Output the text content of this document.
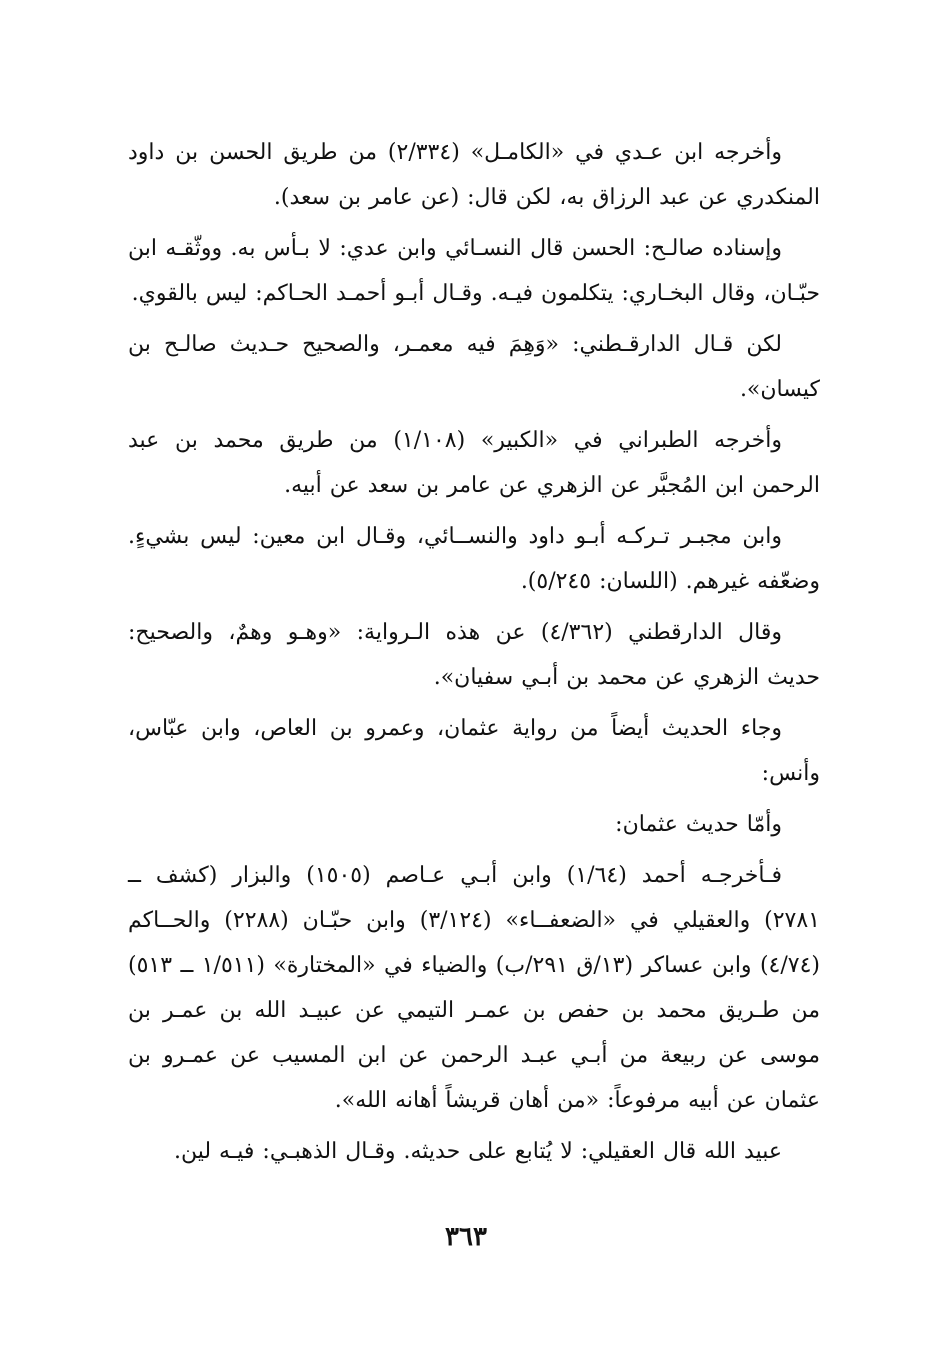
وأخرجه ابن عـدي في «الكامـل» (٢/٣٣٤) من طريق الحسن بن داود المنكدري عن عبد الرزاق به، لكن قال: (عن عامر بن سعد).

وإسناده صالـح: الحسن قال النسـائي وابن عدي: لا بـأس به. ووثّقـه ابن حبّـان، وقال البخـاري: يتكلمون فيـه. وقـال أبـو أحمـد الحـاكم: ليس بالقوي.

لكن قـال الدارقـطني: «وَهِمَ فيه معمـر، والصحيح حـديث صالـح بن كيسان».

وأخرجه الطبراني في «الكبير» (١/١٠٨) من طريق محمد بن عبد الرحمن ابن المُجبَّر عن الزهري عن عامر بن سعد عن أبيه.

وابن مجبـر تـركـه أبـو داود والنســائي، وقـال ابن معين: ليس بشيءٍ. وضعّفه غيرهم. (اللسان: ٥/٢٤٥).

وقال الدارقطني (٤/٣٦٢) عن هذه الـرواية: «وهـو وهمٌ، والصحيح: حديث الزهري عن محمد بن أبـي سفيان».

وجاء الحديث أيضاً من رواية عثمان، وعمرو بن العاص، وابن عبّاس، وأنس:

وأمّا حديث عثمان:

فـأخرجـه أحمد (١/٦٤) وابن أبـي عـاصم (١٥٠٥) والبزار (كشف ــ ٢٧٨١) والعقيلي في «الضعفــاء» (٣/١٢٤) وابن حبّـان (٢٢٨٨) والحــاكم (٤/٧٤) وابن عساكر (١٣/ق ٢٩١/ب) والضياء في «المختارة» (١/٥١١ ــ ٥١٣) من طـريق محمد بن حفص بن عمـر التيمي عن عبيـد الله بن عمـر بن موسى عن ربيعة من أبـي عبـد الرحمن عن ابن المسيب عن عمـرو بن عثمان عن أبيه مرفوعاً: «من أهان قريشاً أهانه الله».

عبيد الله قال العقيلي: لا يُتابع على حديثه. وقـال الذهبـي: فيـه لين.

٣٦٣
